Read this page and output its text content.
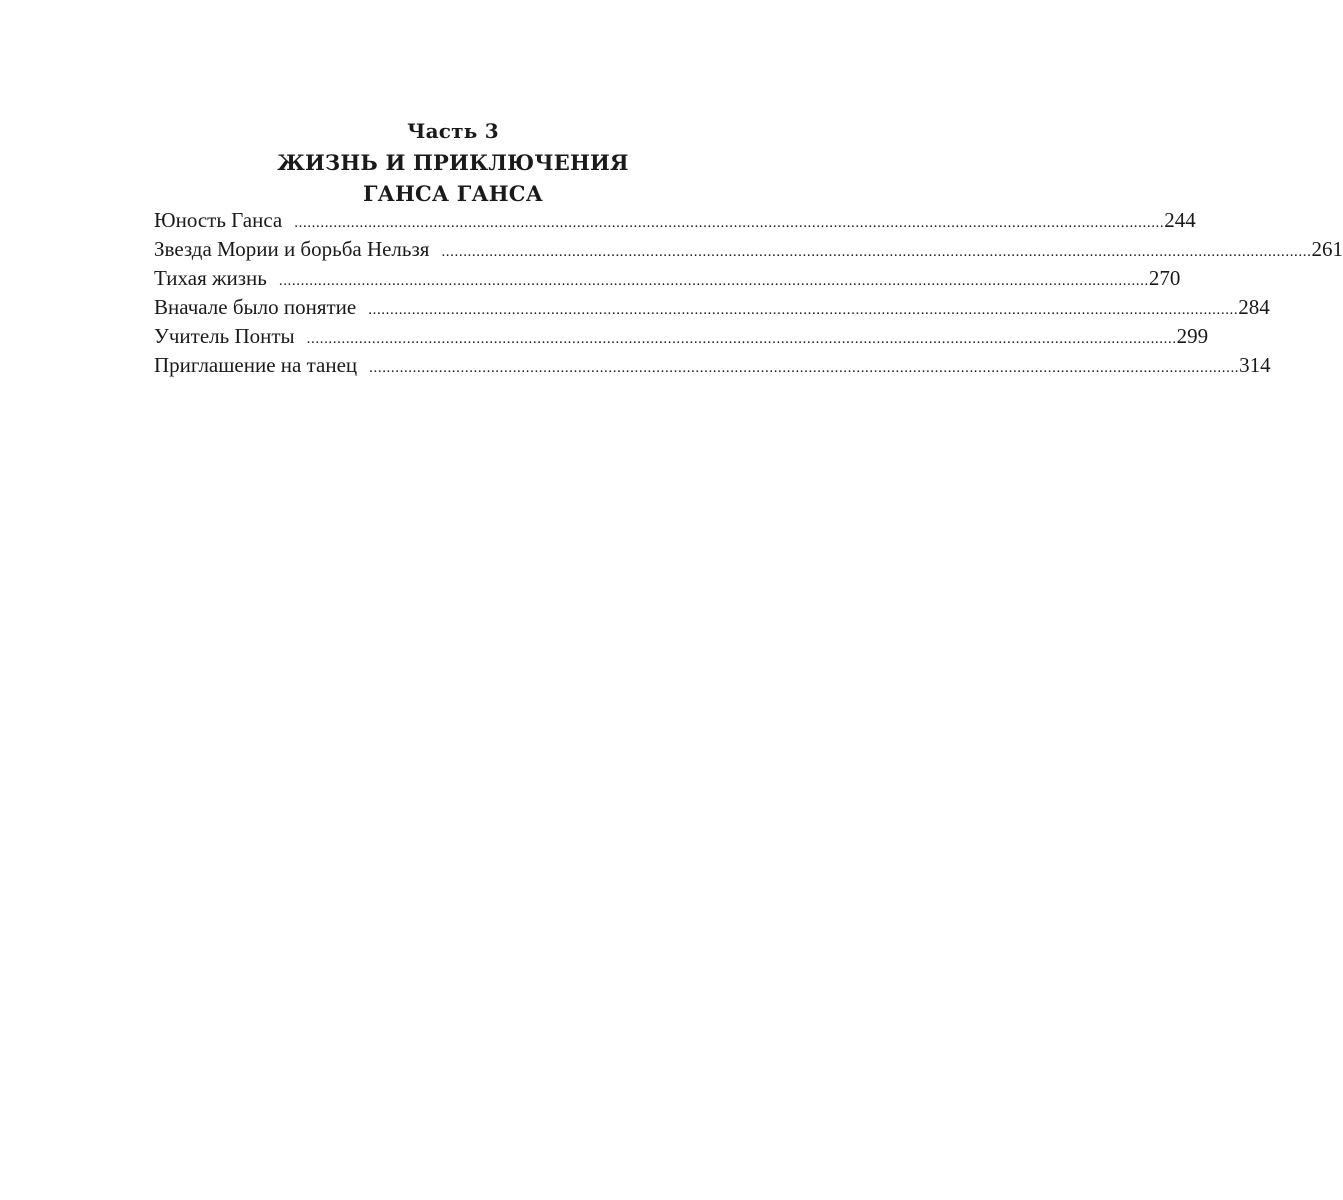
Часть 3
ЖИЗНЬ И ПРИКЛЮЧЕНИЯ
ГАНСА ГАНСА
Юность Ганса ........................................................................................................................................................................................................ 244
Звезда Мории и борьба Нельзя ........................................................................................................................................................................................................ 261
Тихая жизнь ........................................................................................................................................................................................................ 270
Вначале было понятие ........................................................................................................................................................................................................ 284
Учитель Понты ........................................................................................................................................................................................................ 299
Приглашение на танец ........................................................................................................................................................................................................ 314
